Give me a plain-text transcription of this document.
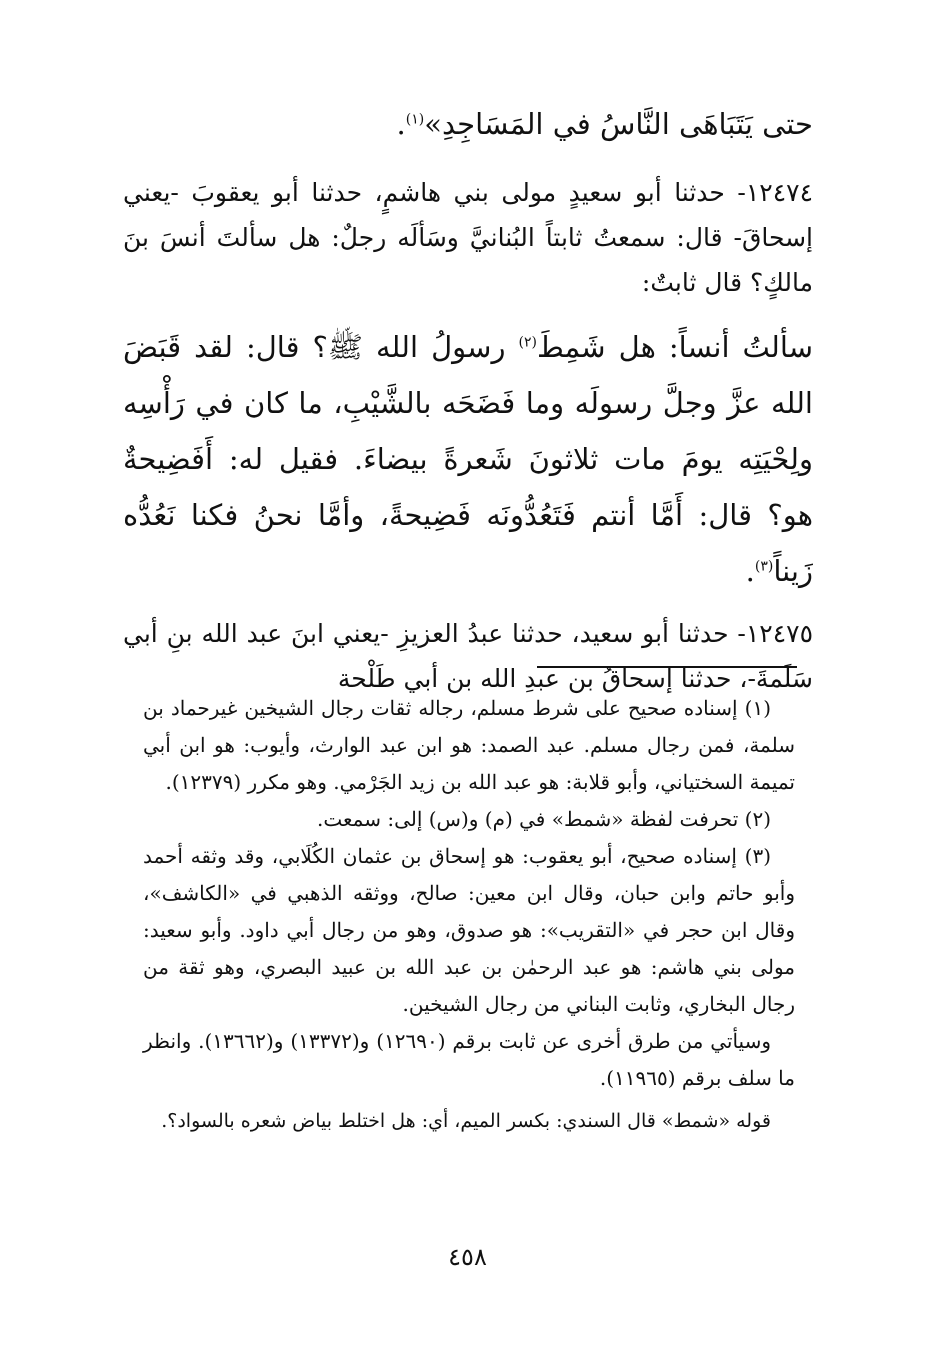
حتى يَتَبَاهَى النَّاسُ في المَسَاجِدِ»$^{(١)}$.

١٢٤٧٤- حدثنا أبو سعيدٍ مولى بني هاشمٍ، حدثنا أبو يعقوبَ -يعني إسحاقَ- قال: سمعتُ ثابتاً البُنانيَّ وسَألَه رجلٌ: هل سألتَ أنسَ بنَ مالكٍ؟ قال ثابتٌ:

سألتُ أنساً: هل شَمِطَ$^{(٢)}$ رسولُ الله ﷺ؟ قال: لقد قَبَضَ الله عزَّ وجلَّ رسولَه وما فَضَحَه بالشَّيْبِ، ما كان في رَأْسِه ولِحْيَتِه يومَ مات ثلاثونَ شَعرةً بيضاءَ. فقيل له: أَفَضِيحةٌ هو؟ قال: أَمَّا أنتم فَتَعُدُّونَه فَضِيحةً، وأمَّا نحنُ فكنا نَعُدُّه زَيناً$^{(٣)}$.

١٢٤٧٥- حدثنا أبو سعيد، حدثنا عبدُ العزيزِ -يعني ابنَ عبد الله بنِ أبي سَلَمةَ-، حدثنا إسحاقُ بن عبدِ الله بن أبي طَلْحة

(١) إسناده صحيح على شرط مسلم، رجاله ثقات رجال الشيخين غيرحماد بن سلمة، فمن رجال مسلم. عبد الصمد: هو ابن عبد الوارث، وأيوب: هو ابن أبي تميمة السختياني، وأبو قلابة: هو عبد الله بن زيد الجَرْمي. وهو مكرر (١٢٣٧٩).

(٢) تحرفت لفظة «شمط» في (م) و(س) إلى: سمعت.

(٣) إسناده صحيح، أبو يعقوب: هو إسحاق بن عثمان الكُلَابي، وقد وثقه أحمد وأبو حاتم وابن حبان، وقال ابن معين: صالح، ووثقه الذهبي في «الكاشف»، وقال ابن حجر في «التقريب»: هو صدوق، وهو من رجال أبي داود. وأبو سعيد: مولى بني هاشم: هو عبد الرحمٰن بن عبد الله بن عبيد البصري، وهو ثقة من رجال البخاري، وثابت البناني من رجال الشيخين.

وسيأتي من طرق أخرى عن ثابت برقم (١٢٦٩٠) و(١٣٣٧٢) و(١٣٦٦٢). وانظر ما سلف برقم (١١٩٦٥).

قوله «شمط» قال السندي: بكسر الميم، أي: هل اختلط بياض شعره بالسواد؟.

٤٥٨
